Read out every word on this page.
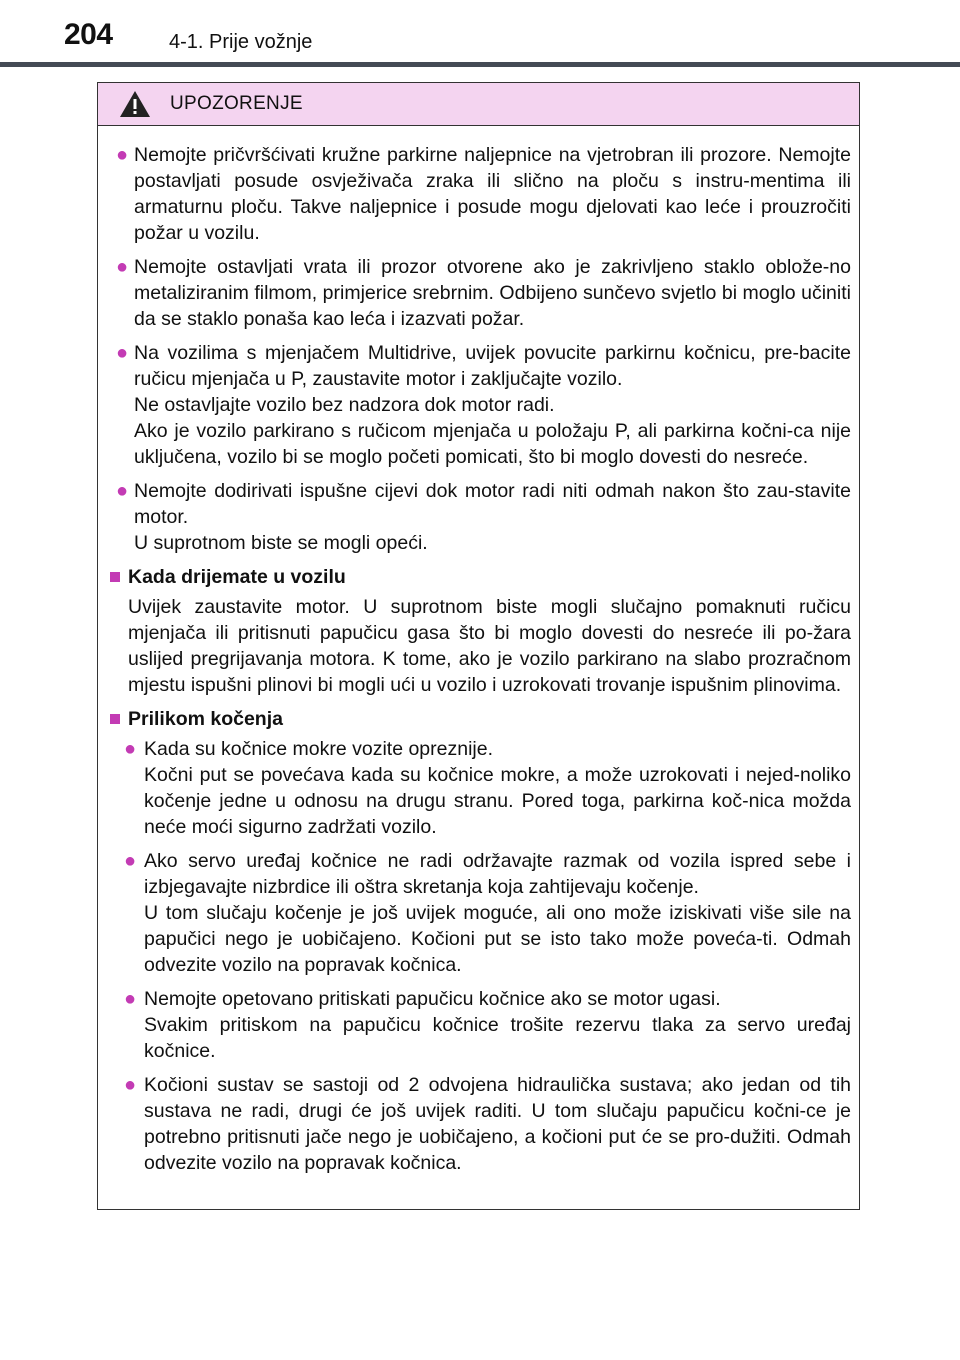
204	4-1. Prije vožnje
UPOZORENJE
● Nemojte pričvršćivati kružne parkirne naljepnice na vjetrobran ili prozore. Nemojte postavljati posude osvježivača zraka ili slično na ploču s instru-mentima ili armaturnu ploču. Takve naljepnice i posude mogu djelovati kao leće i prouzročiti požar u vozilu.
● Nemojte ostavljati vrata ili prozor otvorene ako je zakrivljeno staklo oblože-no metaliziranim filmom, primjerice srebrnim. Odbijeno sunčevo svjetlo bi moglo učiniti da se staklo ponaša kao leća i izazvati požar.
● Na vozilima s mjenjačem Multidrive, uvijek povucite parkirnu kočnicu, pre-bacite ručicu mjenjača u P, zaustavite motor i zaključajte vozilo.
Ne ostavljajte vozilo bez nadzora dok motor radi.
Ako je vozilo parkirano s ručicom mjenjača u položaju P, ali parkirna kočni-ca nije uključena, vozilo bi se moglo početi pomicati, što bi moglo dovesti do nesreće.
● Nemojte dodirivati ispušne cijevi dok motor radi niti odmah nakon što zau-stavite motor.
U suprotnom biste se mogli opeći.
Kada drijemate u vozilu
Uvijek zaustavite motor. U suprotnom biste mogli slučajno pomaknuti ručicu mjenjača ili pritisnuti papučicu gasa što bi moglo dovesti do nesreće ili po-žara uslijed pregrijavanja motora. K tome, ako je vozilo parkirano na slabo prozračnom mjestu ispušni plinovi bi mogli ući u vozilo i uzrokovati trovanje ispušnim plinovima.
Prilikom kočenja
● Kada su kočnice mokre vozite opreznije.
Kočni put se povećava kada su kočnice mokre, a može uzrokovati i nejed-noliko kočenje jedne u odnosu na drugu stranu. Pored toga, parkirna koč-nica možda neće moći sigurno zadržati vozilo.
● Ako servo uređaj kočnice ne radi održavajte razmak od vozila ispred sebe i izbjegavajte nizbrdice ili oštra skretanja koja zahtijevaju kočenje.
U tom slučaju kočenje je još uvijek moguće, ali ono može iziskivati više sile na papučici nego je uobičajeno. Kočioni put se isto tako može poveća-ti. Odmah odvezite vozilo na popravak kočnica.
● Nemojte opetovano pritiskati papučicu kočnice ako se motor ugasi.
Svakim pritiskom na papučicu kočnice trošite rezervu tlaka za servo uređaj kočnice.
● Kočioni sustav se sastoji od 2 odvojena hidraulička sustava; ako jedan od tih sustava ne radi, drugi će još uvijek raditi. U tom slučaju papučicu kočni-ce je potrebno pritisnuti jače nego je uobičajeno, a kočioni put će se pro-dužiti. Odmah odvezite vozilo na popravak kočnica.
